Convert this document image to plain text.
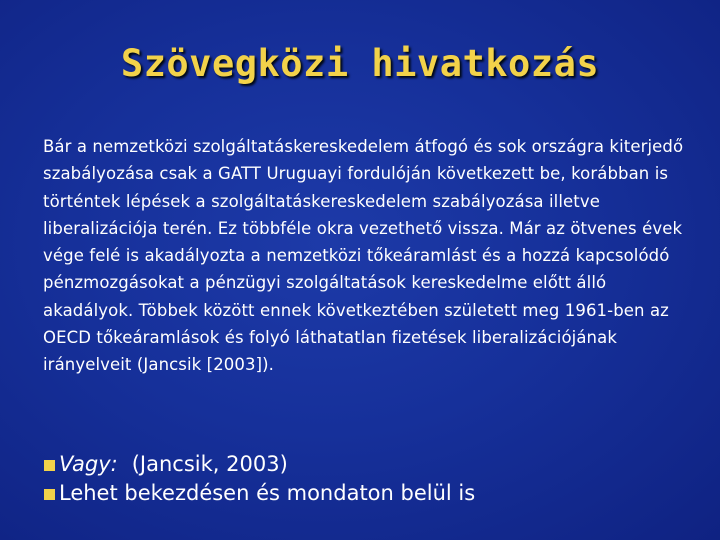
Szövegközi hivatkozás
Bár a nemzetközi szolgáltatáskereskedelem átfogó és sok országra kiterjedő szabályozása csak a GATT Uruguayi fordulóján következett be, korábban is történtek lépések a szolgáltatáskereskedelem szabályozása illetve liberalizációja terén. Ez többféle okra vezethető vissza. Már az ötvenes évek vége felé is akadályozta a nemzetközi tőkeáramlást és a hozzá kapcsolódó pénzmozgásokat a pénzügyi szolgáltatások kereskedelme előtt álló akadályok. Többek között ennek következtében született meg 1961-ben az OECD tőkeáramlások és folyó láthatatlan fizetések liberalizációjának irányelveit (Jancsik [2003]).
Vagy: (Jancsik, 2003)
Lehet bekezdésen és mondaton belül is
